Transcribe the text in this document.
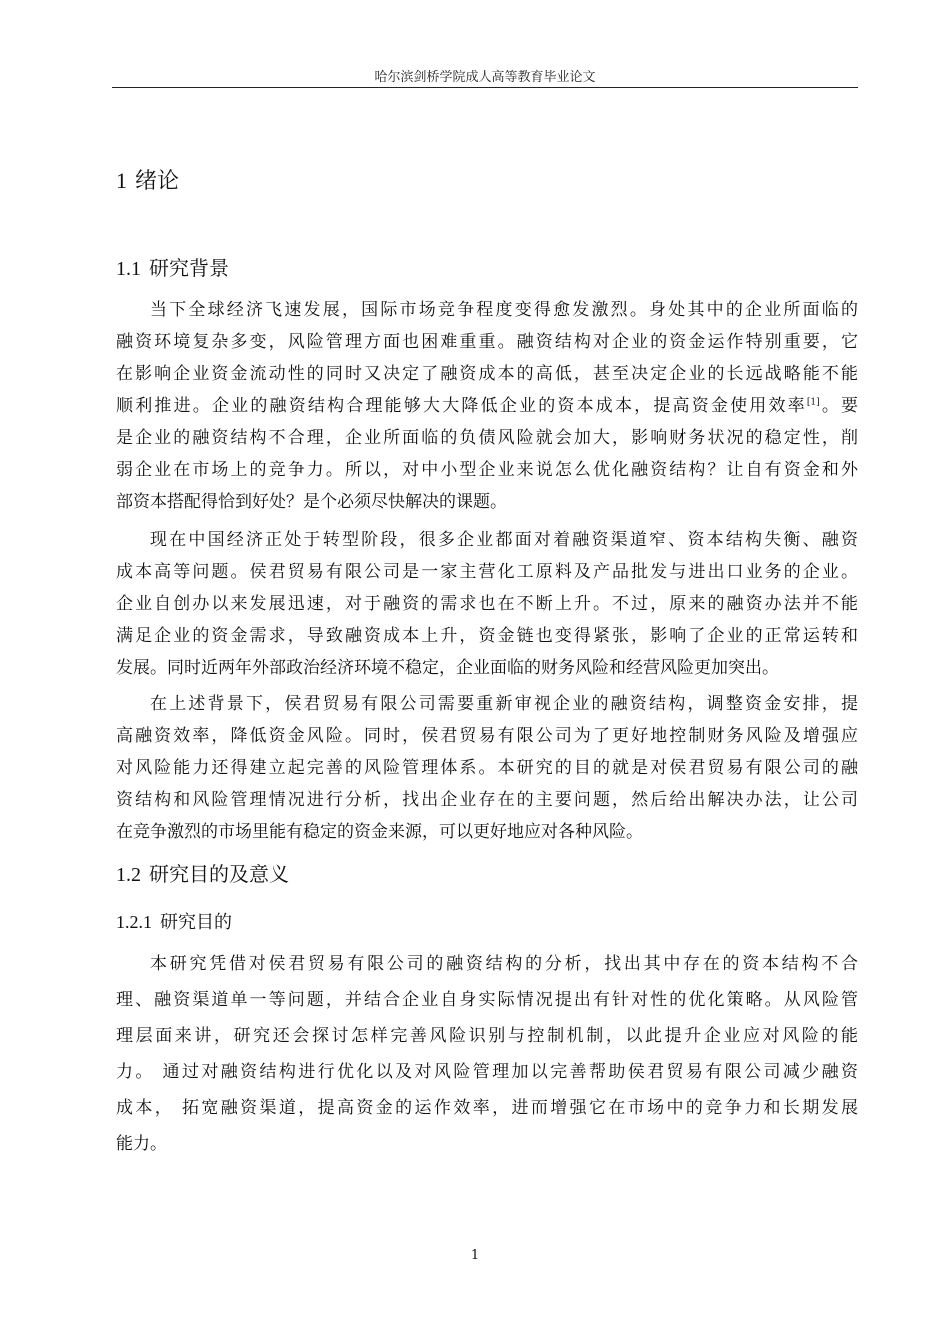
哈尔滨剑桥学院成人高等教育毕业论文
1 绪论
1.1 研究背景
当下全球经济飞速发展，国际市场竞争程度变得愈发激烈。身处其中的企业所面临的
融资环境复杂多变，风险管理方面也困难重重。融资结构对企业的资金运作特别重要，它
在影响企业资金流动性的同时又决定了融资成本的高低，甚至决定企业的长远战略能不能
顺利推进。企业的融资结构合理能够大大降低企业的资本成本，提高资金使用效率[1]。要
是企业的融资结构不合理，企业所面临的负债风险就会加大，影响财务状况的稳定性，削
弱企业在市场上的竞争力。所以，对中小型企业来说怎么优化融资结构？让自有资金和外
部资本搭配得恰到好处？是个必须尽快解决的课题。
现在中国经济正处于转型阶段，很多企业都面对着融资渠道窄、资本结构失衡、融资
成本高等问题。侯君贸易有限公司是一家主营化工原料及产品批发与进出口业务的企业。
企业自创办以来发展迅速，对于融资的需求也在不断上升。不过，原来的融资办法并不能
满足企业的资金需求，导致融资成本上升，资金链也变得紧张，影响了企业的正常运转和
发展。同时近两年外部政治经济环境不稳定，企业面临的财务风险和经营风险更加突出。
在上述背景下，侯君贸易有限公司需要重新审视企业的融资结构，调整资金安排，提
高融资效率，降低资金风险。同时，侯君贸易有限公司为了更好地控制财务风险及增强应
对风险能力还得建立起完善的风险管理体系。本研究的目的就是对侯君贸易有限公司的融
资结构和风险管理情况进行分析，找出企业存在的主要问题，然后给出解决办法，让公司
在竞争激烈的市场里能有稳定的资金来源，可以更好地应对各种风险。
1.2 研究目的及意义
1.2.1 研究目的
本研究凭借对侯君贸易有限公司的融资结构的分析，找出其中存在的资本结构不合
理、融资渠道单一等问题，并结合企业自身实际情况提出有针对性的优化策略。从风险管
理层面来讲，研究还会探讨怎样完善风险识别与控制机制，以此提升企业应对风险的能
力。 通过对融资结构进行优化以及对风险管理加以完善帮助侯君贸易有限公司减少融资
成本， 拓宽融资渠道，提高资金的运作效率，进而增强它在市场中的竞争力和长期发展
能力。
1
